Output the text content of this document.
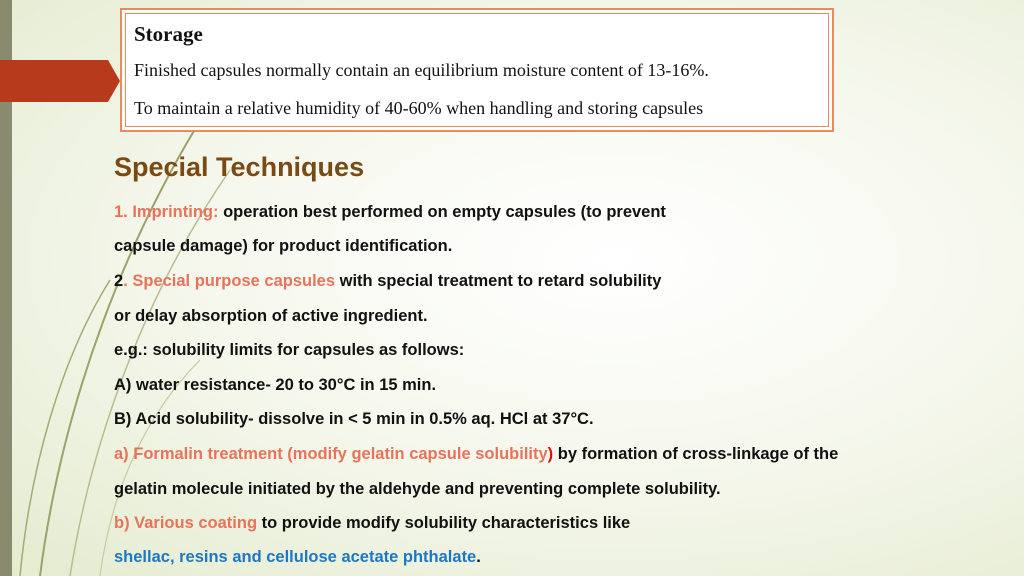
Storage
Finished capsules normally contain an equilibrium moisture content of 13-16%.
To maintain a relative humidity of 40-60% when handling and storing capsules
Special Techniques
1. Imprinting: operation best performed on empty capsules (to prevent
capsule damage) for product identification.
2. Special purpose capsules with special treatment to retard solubility
or delay absorption of active ingredient.
e.g.: solubility limits for capsules as follows:
A) water resistance- 20 to 30°C in 15 min.
B) Acid solubility- dissolve in < 5 min in 0.5% aq. HCl at 37°C.
a) Formalin treatment (modify gelatin capsule solubility) by formation of cross-linkage of the
gelatin molecule initiated by the aldehyde and preventing complete solubility.
b) Various coating to provide modify solubility characteristics like
shellac, resins and cellulose acetate phthalate.
